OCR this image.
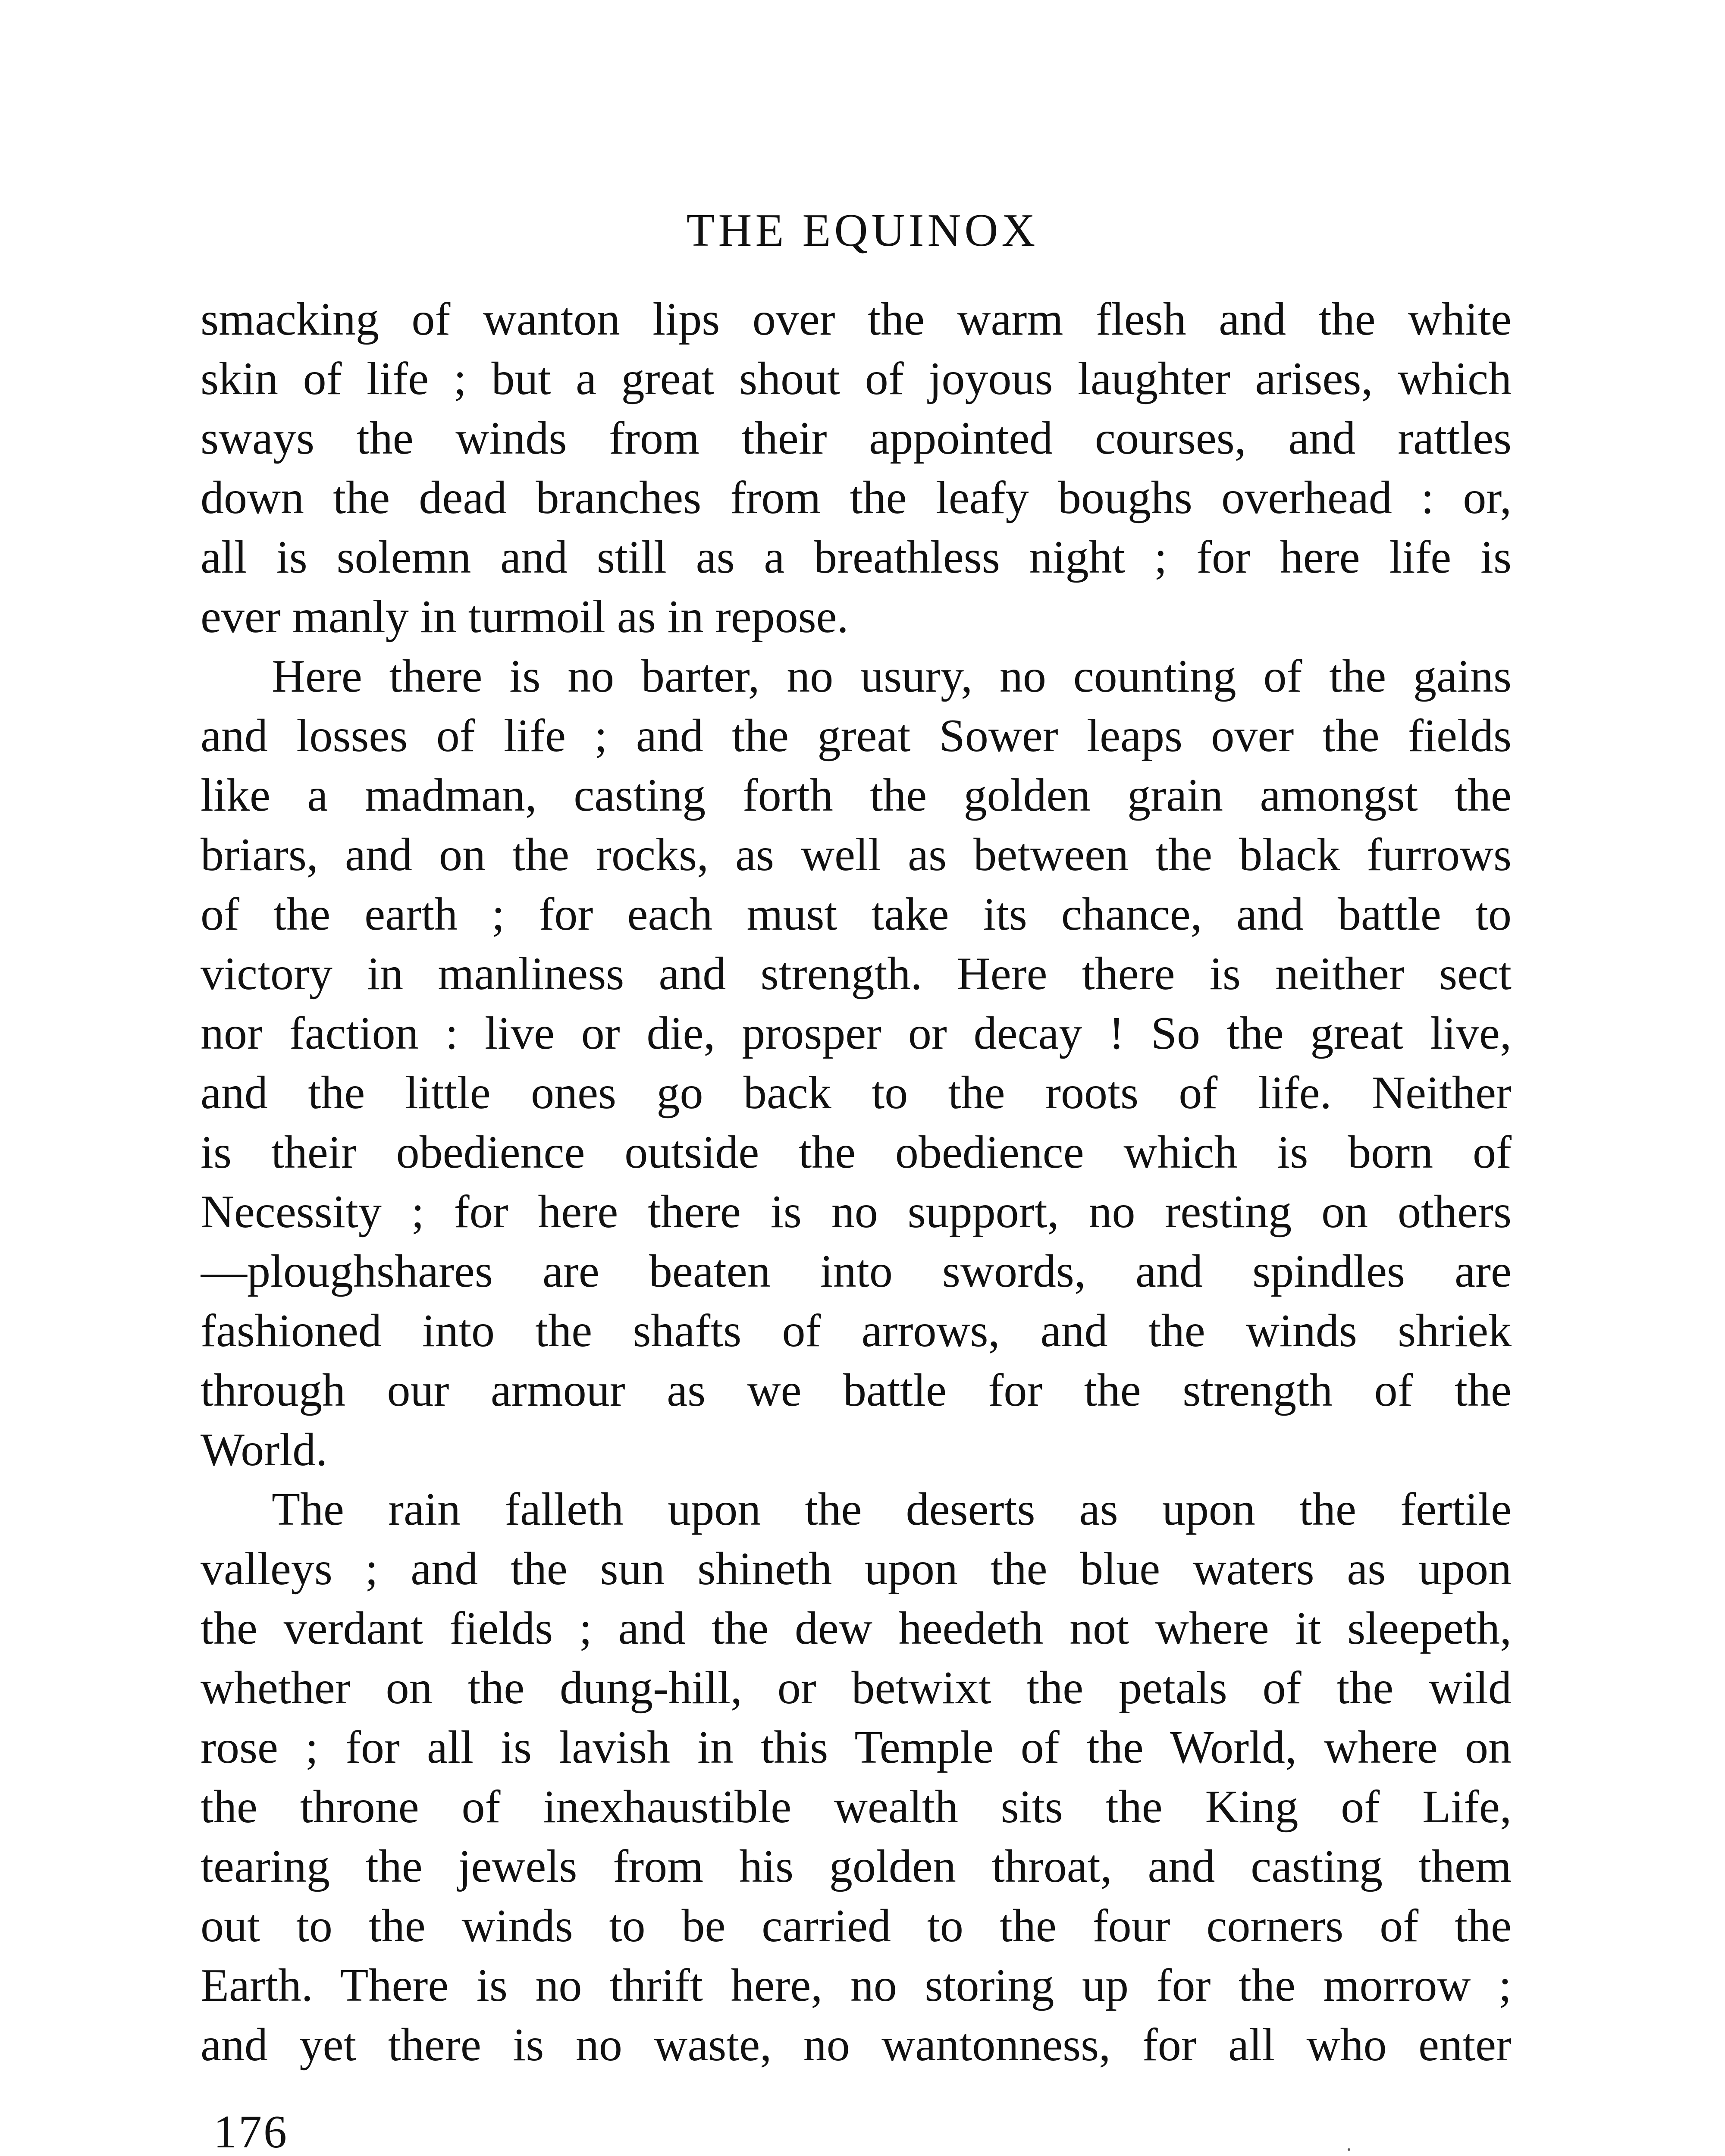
THE EQUINOX
smacking of wanton lips over the warm flesh and the white
skin of life ; but a great shout of joyous laughter arises, which
sways the winds from their appointed courses, and rattles
down the dead branches from the leafy boughs overhead : or,
all is solemn and still as a breathless night ; for here life is
ever manly in turmoil as in repose.
Here there is no barter, no usury, no counting of the gains
and losses of life ; and the great Sower leaps over the fields
like a madman, casting forth the golden grain amongst the
briars, and on the rocks, as well as between the black furrows
of the earth ; for each must take its chance, and battle to
victory in manliness and strength. Here there is neither sect
nor faction : live or die, prosper or decay ! So the great live,
and the little ones go back to the roots of life. Neither
is their obedience outside the obedience which is born of
Necessity ; for here there is no support, no resting on others
—ploughshares are beaten into swords, and spindles are
fashioned into the shafts of arrows, and the winds shriek
through our armour as we battle for the strength of the
World.
The rain falleth upon the deserts as upon the fertile
valleys ; and the sun shineth upon the blue waters as upon
the verdant fields ; and the dew heedeth not where it sleepeth,
whether on the dung-hill, or betwixt the petals of the wild
rose ; for all is lavish in this Temple of the World, where on
the throne of inexhaustible wealth sits the King of Life,
tearing the jewels from his golden throat, and casting them
out to the winds to be carried to the four corners of the
Earth. There is no thrift here, no storing up for the morrow ;
and yet there is no waste, no wantonness, for all who enter
176
